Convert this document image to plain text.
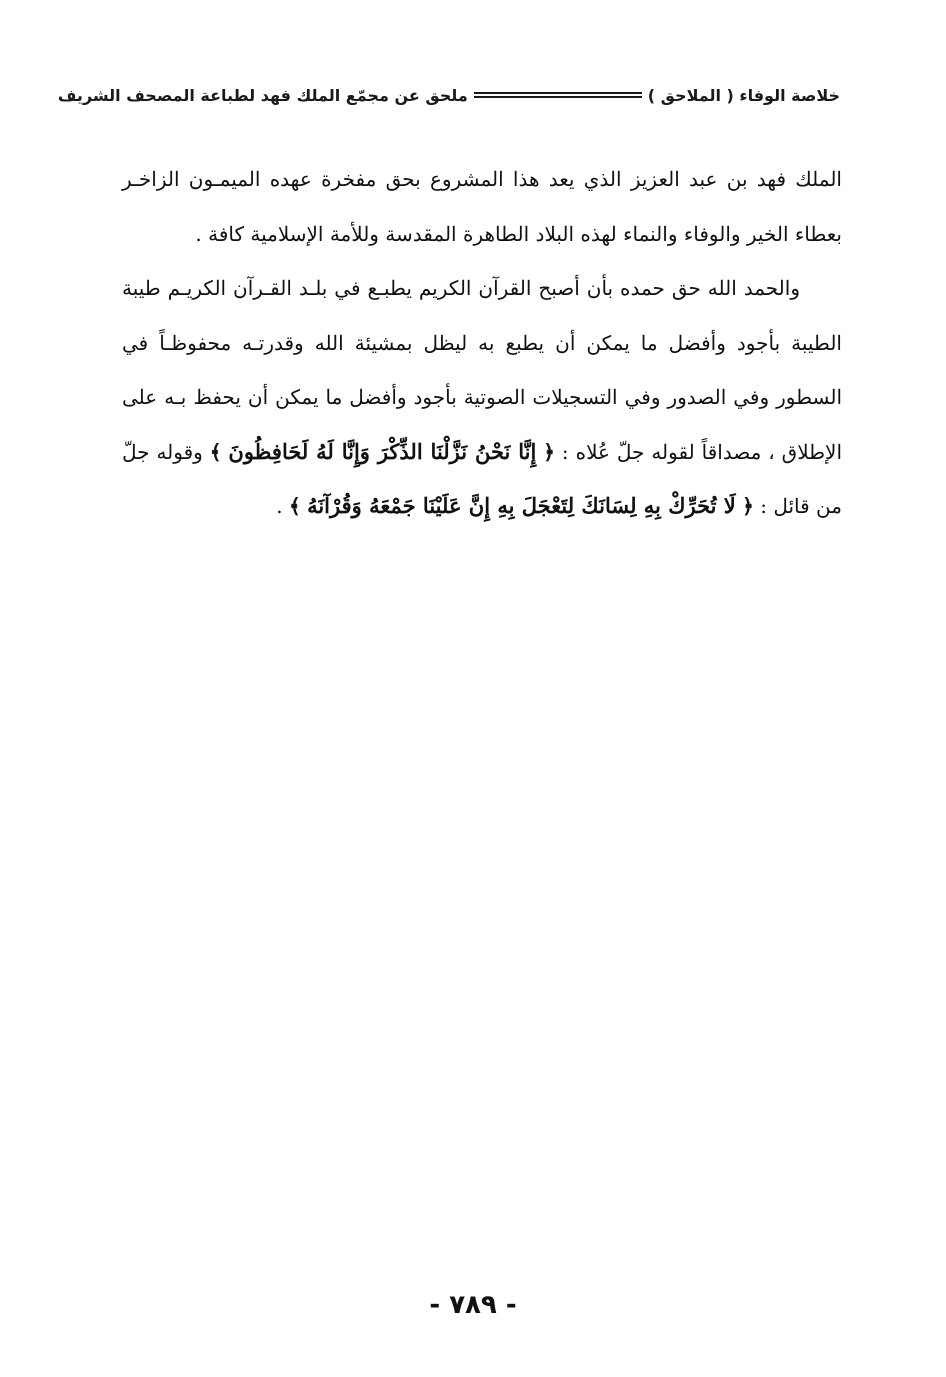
خلاصة الوفاء ( الملاحق )
ملحق عن مجمّع الملك فهد لطباعة المصحف الشريف

الملك فهد بن عبد العزيز الذي يعد هذا المشروع بحق مفخرة عهده الميمـون الزاخـر بعطاء الخير والوفاء والنماء لهذه البلاد الطاهرة المقدسة وللأمة الإسلامية كافة .

والحمد الله حق حمده بأن أصبح القرآن الكريم يطبـع في بلـد القـرآن الكريـم طيبة الطيبة بأجود وأفضل ما يمكن أن يطبع به ليظل بمشيئة الله وقدرتـه محفوظـاً في السطور وفي الصدور وفي التسجيلات الصوتية بأجود وأفضل ما يمكن أن يحفظ بـه على الإطلاق ، مصداقاً لقوله جلّ عُلاه : ﴿ إِنَّا نَحْنُ نَزَّلْنَا الذِّكْرَ وَإِنَّا لَهُ لَحَافِظُونَ ﴾ وقوله جلّ من قائل : ﴿ لَا تُحَرِّكْ بِهِ لِسَانَكَ لِتَعْجَلَ بِهِ إِنَّ عَلَيْنَا جَمْعَهُ وَقُرْآنَهُ ﴾ .

- ٧٨٩ -
